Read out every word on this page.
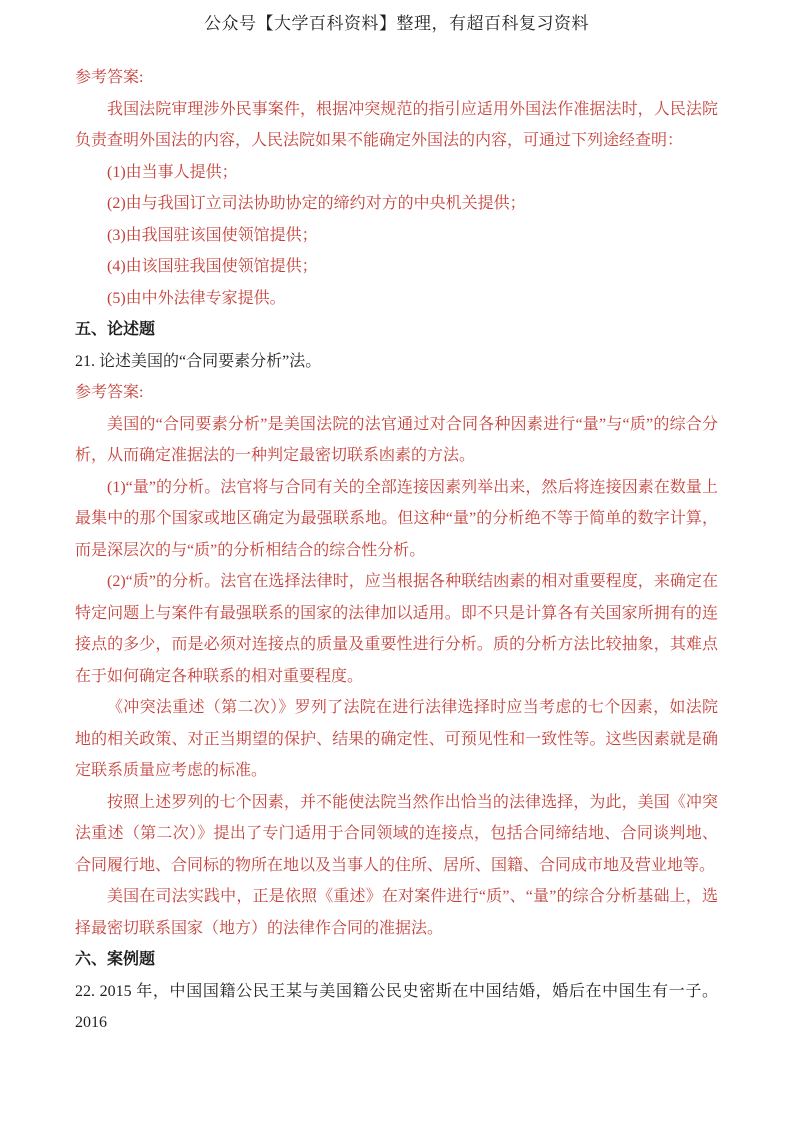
公众号【大学百科资料】整理，有超百科复习资料

参考答案:

我国法院审理涉外民事案件，根据冲突规范的指引应适用外国法作准据法时，人民法院负责查明外国法的内容，人民法院如果不能确定外国法的内容，可通过下列途经查明：

(1)由当事人提供；

(2)由与我国订立司法协助协定的缔约对方的中央机关提供；

(3)由我国驻该国使领馆提供；

(4)由该国驻我国使领馆提供；

(5)由中外法律专家提供。

五、论述题

21. 论述美国的“合同要素分析”法。

参考答案:

美国的“合同要素分析”是美国法院的法官通过对合同各种因素进行“量”与“质”的综合分析，从而确定准据法的一种判定最密切联系凼素的方法。

(1)“量”的分析。法官将与合同有关的全部连接因素列举出来，然后将连接因素在数量上最集中的那个国家或地区确定为最强联系地。但这种“量”的分析绝不等于简单的数字计算，而是深层次的与“质”的分析相结合的综合性分析。

(2)“质”的分析。法官在选择法律时，应当根据各种联结凼素的相对重要程度，来确定在特定问题上与案件有最强联系的国家的法律加以适用。即不只是计算各有关国家所拥有的连接点的多少，而是必须对连接点的质量及重要性进行分析。质的分析方法比较抽象，其难点在于如何确定各种联系的相对重要程度。

《冲突法重述（第二次）》罗列了法院在进行法律选择时应当考虑的七个因素，如法院地的相关政策、对正当期望的保护、结果的确定性、可预见性和一致性等。这些因素就是确定联系质量应考虑的标准。

按照上述罗列的七个因素，并不能使法院当然作出恰当的法律选择，为此，美国《冲突法重述（第二次）》提出了专门适用于合同领域的连接点，包括合同缔结地、合同谈判地、合同履行地、合同标的物所在地以及当事人的住所、居所、国籍、合同成市地及营业地等。

美国在司法实践中，正是依照《重述》在对案件进行“质”、“量”的综合分析基础上，选择最密切联系国家（地方）的法律作合同的准据法。

六、案例题

22. 2015 年，中国国籍公民王某与美国籍公民史密斯在中国结婚，婚后在中国生有一子。2016
